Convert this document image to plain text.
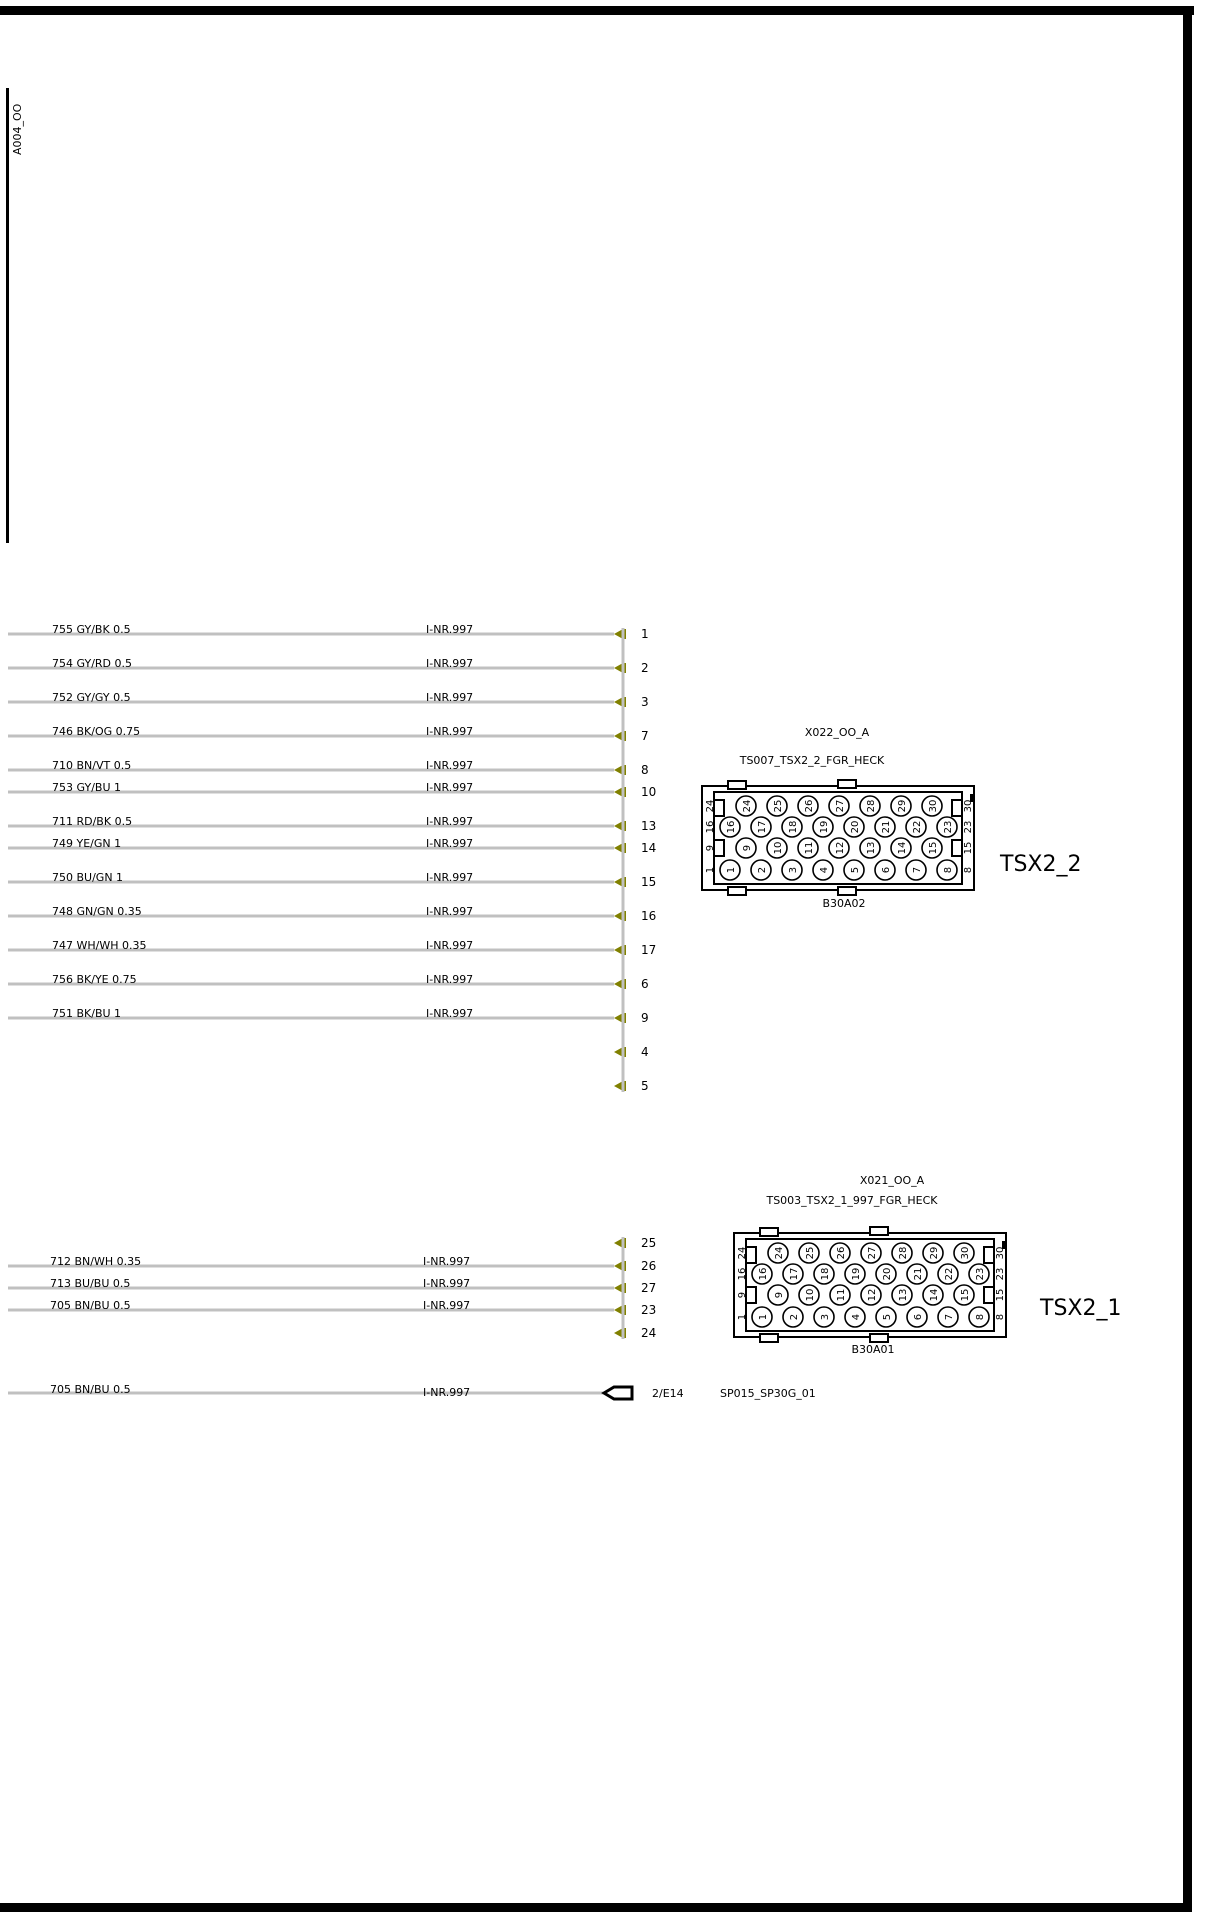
A004_OO
755 GY/BK 0.5	I-NR.997	1
754 GY/RD 0.5	I-NR.997	2
752 GY/GY 0.5	I-NR.997	3
746 BK/OG 0.75	I-NR.997	7
710 BN/VT 0.5	I-NR.997	8
753 GY/BU 1	I-NR.997	10
711 RD/BK 0.5	I-NR.997	13
749 YE/GN 1	I-NR.997	14
750 BU/GN 1	I-NR.997	15
748 GN/GN 0.35	I-NR.997	16
747 WH/WH 0.35	I-NR.997	17
756 BK/YE 0.75	I-NR.997	6
751 BK/BU 1	I-NR.997	9
4
5
25
712 BN/WH 0.35	I-NR.997	26
713 BU/BU 0.5	I-NR.997	27
705 BN/BU 0.5	I-NR.997	23
24
X022_OO_A
TS007_TSX2_2_FGR_HECK
24 25 26 27 28 29 30
16 17 18 19 20 21 22 23
9 10 11 12 13 14 15
1 2 3 4 5 6 7 8
24
16
9
1
30
23
15
8
B30A02
TSX2_2
X021_OO_A
TS003_TSX2_1_997_FGR_HECK
24 25 26 27 28 29 30
16 17 18 19 20 21 22 23
9 10 11 12 13 14 15
1 2 3 4 5 6 7 8
24
16
9
1
30
23
15
8
B30A01
TSX2_1
705 BN/BU 0.5	I-NR.997	2/E14	SP015_SP30G_01
